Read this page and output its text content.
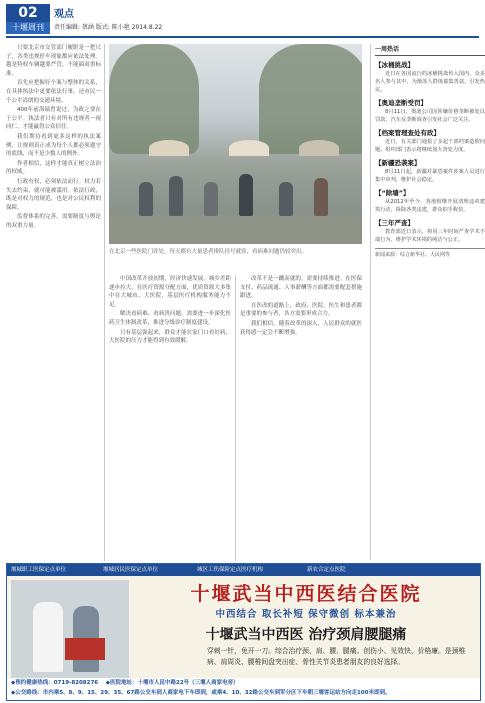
02
十堰周刊
观点
责任编辑: 蔡涵 版式: 陈小艳 2014.8.22

只要北京市交管部门履职是一把尺子，各类违规停车现象都应依法处理。越是特权车辆越要严管，不能搞双重标准。

首先应把握好个案与整体的关系，在具体执法中更要依法行事，还市民一个公平清朗的交通环境。

400年前海瑞曾说过，为政之要在于公平。执法者只有对所有违规者一视同仁，才能赢得公众信任。

我们期待看到更多这样的执法案例，让规则真正成为每个人都必须遵守的底线，而不是少数人的例外。

作者相信，这样才能真正树立法治的权威。

行政有权，必须依法而行。权力若失去约束，就可能被滥用。依法行政，既是对权力的规范，也是对公民权利的保障。

监督体系的完善，需要制度与舆论的双重力量。

在北京一些医院门诊处，每天都有大量患者排队挂号就诊，看病难问题仍较突出。

中国改革开放初期，经济快速发展，城乡差距逐步拉大。在医疗资源分配方面，优质资源大多集中在大城市、大医院，基层医疗机构服务能力不足。

解决看病难、看病贵问题，需要进一步深化医药卫生体制改革，推进分级诊疗制度建设。

只有基层强起来，群众才能在家门口看好病，大医院的压力才能得到有效缓解。

改革不是一蹴而就的，需要持续推进。在医保支付、药品流通、人事薪酬等方面都需要配套措施跟进。

在医改的道路上，政府、医院、医生和患者都是重要的参与者，各方需要形成合力。

我们相信，随着改革的深入，人民群众的就医获得感一定会不断增强。

一周热话
【冰桶挑战】

近日在各国流行的冰桶挑战传入国内，众多名人参与其中，为渐冻人群体募集善款，引发热议。

【奥迪垄断受罚】

8月11日，奥迪公司因涉嫌价格垄断被处以罚款，汽车反垄断调查引发社会广泛关注。

【档案管理查处有政】

近日，有关部门通报了多起干部档案造假问题，组织部门表示将继续加大查处力度。

【新疆恐袭案】

8月11日起，新疆对暴恐案件涉案人员进行集中审判，维护社会稳定。

【“除墙”】

从2012年至今，各地相继开展清理违章建筑行动，拆除各类违建，群众拍手称快。

【三年严查】

教育部近日表示，将用三年时间严查学术不端行为，维护学术环境的纯洁与公正。

新闻来源：综合新华社、人民网等
堰城职工医保定点单位	堰城居民医保定点单位	城区工伤保险定点医疗机构	新农合定点医院
十堰武当中西医结合医院
中西结合 取长补短 保守微创 标本兼治
十堰武当中西医 治疗颈肩腰腿痛
穿刺一针，免开一刀。综合治疗颈、肩、腰、腿痛。创伤小、见效快、价格廉。是颈椎病、肩周炎、腰椎间盘突出症、骨性关节炎患者朋友的良好选择。
◆预约健康热线：0719-8208276 ◆医院地址：十堰市人民中路22号（三堰人商家电旁）
◆公交路线：市内乘5、8、9、15、29、35、67路公交车到人商家电下车即到，或乘4、10、32路公交车到军分区下车朝三堰客运站方向走100米即到。
